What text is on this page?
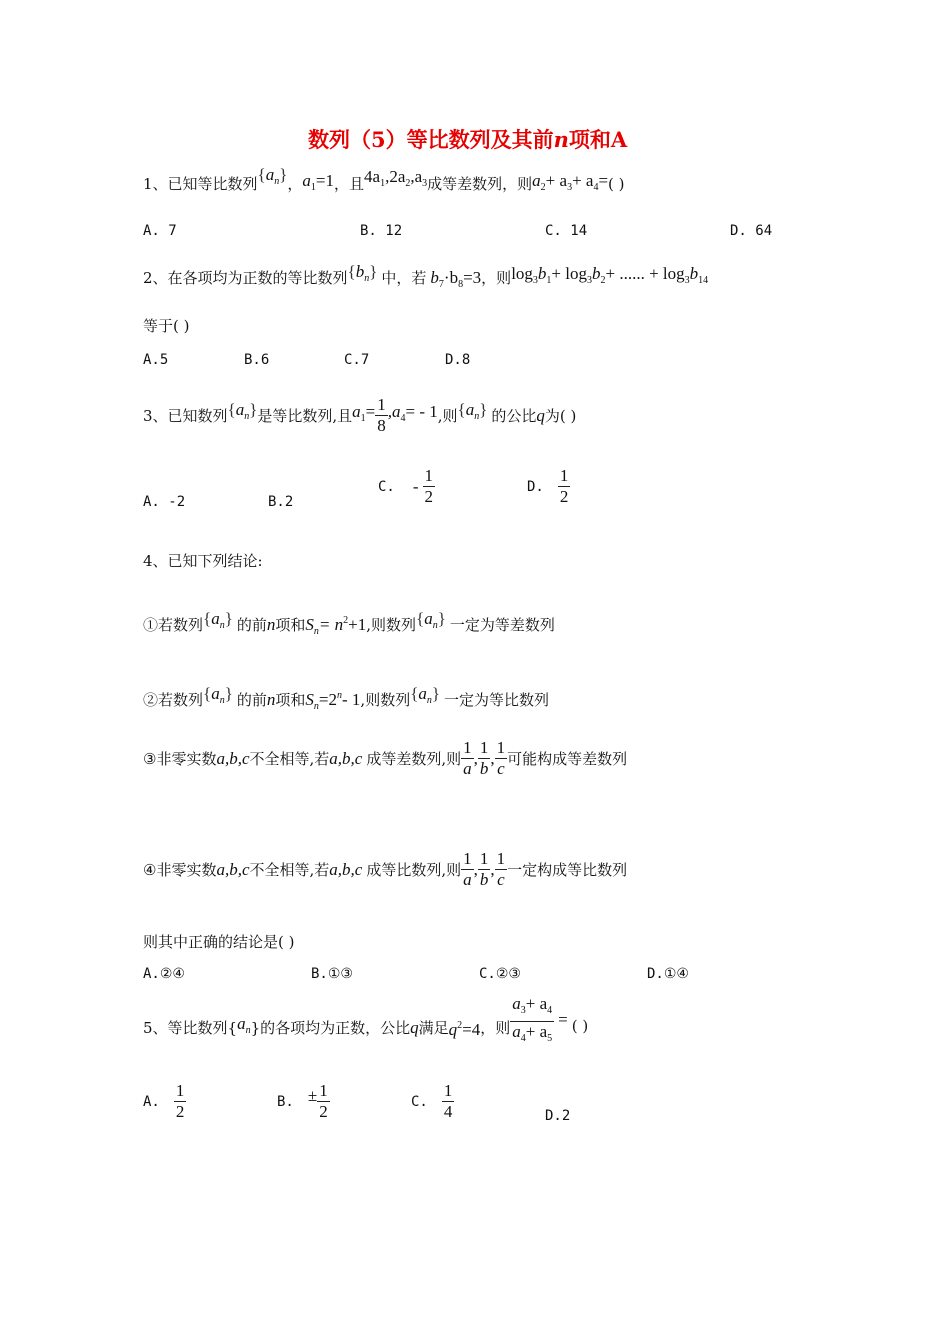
数列（5）等比数列及其前n项和A
1、已知等比数列$\{a_n\}$，$a_1=1$，且$4a_1,2a_2,a_3$成等差数列，则$a_2+ a_3+ a_4=$( )
A. 7	B. 12	C. 14	D. 64
2、在各项均为正数的等比数列$\{b_n\}$ 中，若 $b_7\cdot b_8=3$，则$\log_3b_1+ \log_3b_2+$ ...... + $\log_3b_{14}$
等于( )
A.5	B.6	C.7	D.8
3、已知数列 $\{a_n\}$ 是等比数列,且 $a_1= \frac{1}{8} ,a_4= - 1$ ,则 $\{a_n\}$ 的公比 q 为( )
A. -2	B.2
C.	- $\frac{1}{2}$	D. $\frac{1}{2}$
4、已知下列结论:
①若数列$\{a_n\}$ 的前n项和$S_n= n^2+1$,则数列$\{a_n\}$ 一定为等差数列
②若数列$\{a_n\}$ 的前n项和$S_n=2^n-$ 1,则数列$\{a_n\}$ 一定为等比数列
③ 非零实数 a,b,c 不全相等,若 a,b,c 成等差数列,则 $\frac{1}{a}$ , $\frac{1}{b}$ , $\frac{1}{c}$ 可能构成等差数列
④ 非零实数 a,b,c 不全相等,若 a,b,c 成等比数列,则 $\frac{1}{a}$ , $\frac{1}{b}$ , $\frac{1}{c}$ 一定构成等比数列
则其中正确的结论是( )
A.②④	B.①③	C.②③	D.①④
5、等比数列{ $a_n$ }的各项均为正数，公比 q 满足 $q^2=4$ ，则 $\frac{a_3+ a_4}{a_4+ a_5}$ = ( )
A. $\frac{1}{2}$	B. ± $\frac{1}{2}$	C. $\frac{1}{4}$	D.2
